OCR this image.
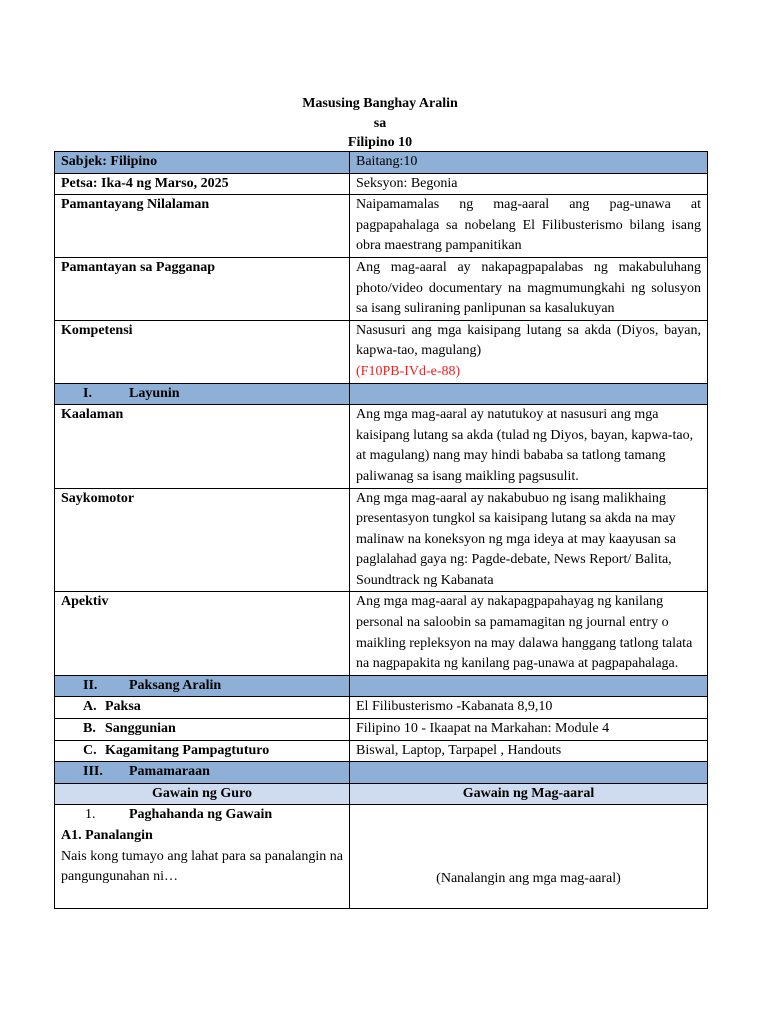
Masusing Banghay Aralin
sa
Filipino 10
Sabjek: Filipino	Baitang:10
Petsa: Ika-4 ng Marso, 2025	Seksyon: Begonia
Pamantayang Nilalaman	Naipamamalas ng mag-aaral ang pag-unawa at pagpapahalaga sa nobelang El Filibusterismo bilang isang obra maestrang pampanitikan
Pamantayan sa Pagganap	Ang mag-aaral ay nakapagpapalabas ng makabuluhang photo/video documentary na magmumungkahi ng solusyon sa isang suliraning panlipunan sa kasalukuyan
Kompetensi	Nasusuri ang mga kaisipang lutang sa akda (Diyos, bayan, kapwa-tao, magulang)
(F10PB-IVd-e-88)
I. Layunin	
Kaalaman	Ang mga mag-aaral ay natutukoy at nasusuri ang mga kaisipang lutang sa akda (tulad ng Diyos, bayan, kapwa-tao, at magulang) nang may hindi bababa sa tatlong tamang paliwanag sa isang maikling pagsusulit.
Saykomotor	Ang mga mag-aaral ay nakabubuo ng isang malikhaing presentasyon tungkol sa kaisipang lutang sa akda na may malinaw na koneksyon ng mga ideya at may kaayusan sa paglalahad gaya ng: Pagde-debate, News Report/ Balita, Soundtrack ng Kabanata
Apektiv	Ang mga mag-aaral ay nakapagpapahayag ng kanilang personal na saloobin sa pamamagitan ng journal entry o maikling repleksyon na may dalawa hanggang tatlong talata na nagpapakita ng kanilang pag-unawa at pagpapahalaga.
II. Paksang Aralin	
A. Paksa	El Filibusterismo -Kabanata 8,9,10
B. Sanggunian	Filipino 10 - Ikaapat na Markahan: Module 4
C. Kagamitang Pampagtuturo	Biswal, Laptop, Tarpapel , Handouts
III. Pamamaraan	
Gawain ng Guro	Gawain ng Mag-aaral

1. Paghahanda ng Gawain
A1. Panalangin
Nais kong tumayo ang lahat para sa panalangin na pangungunahan ni…	(Nanalangin ang mga mag-aaral)
